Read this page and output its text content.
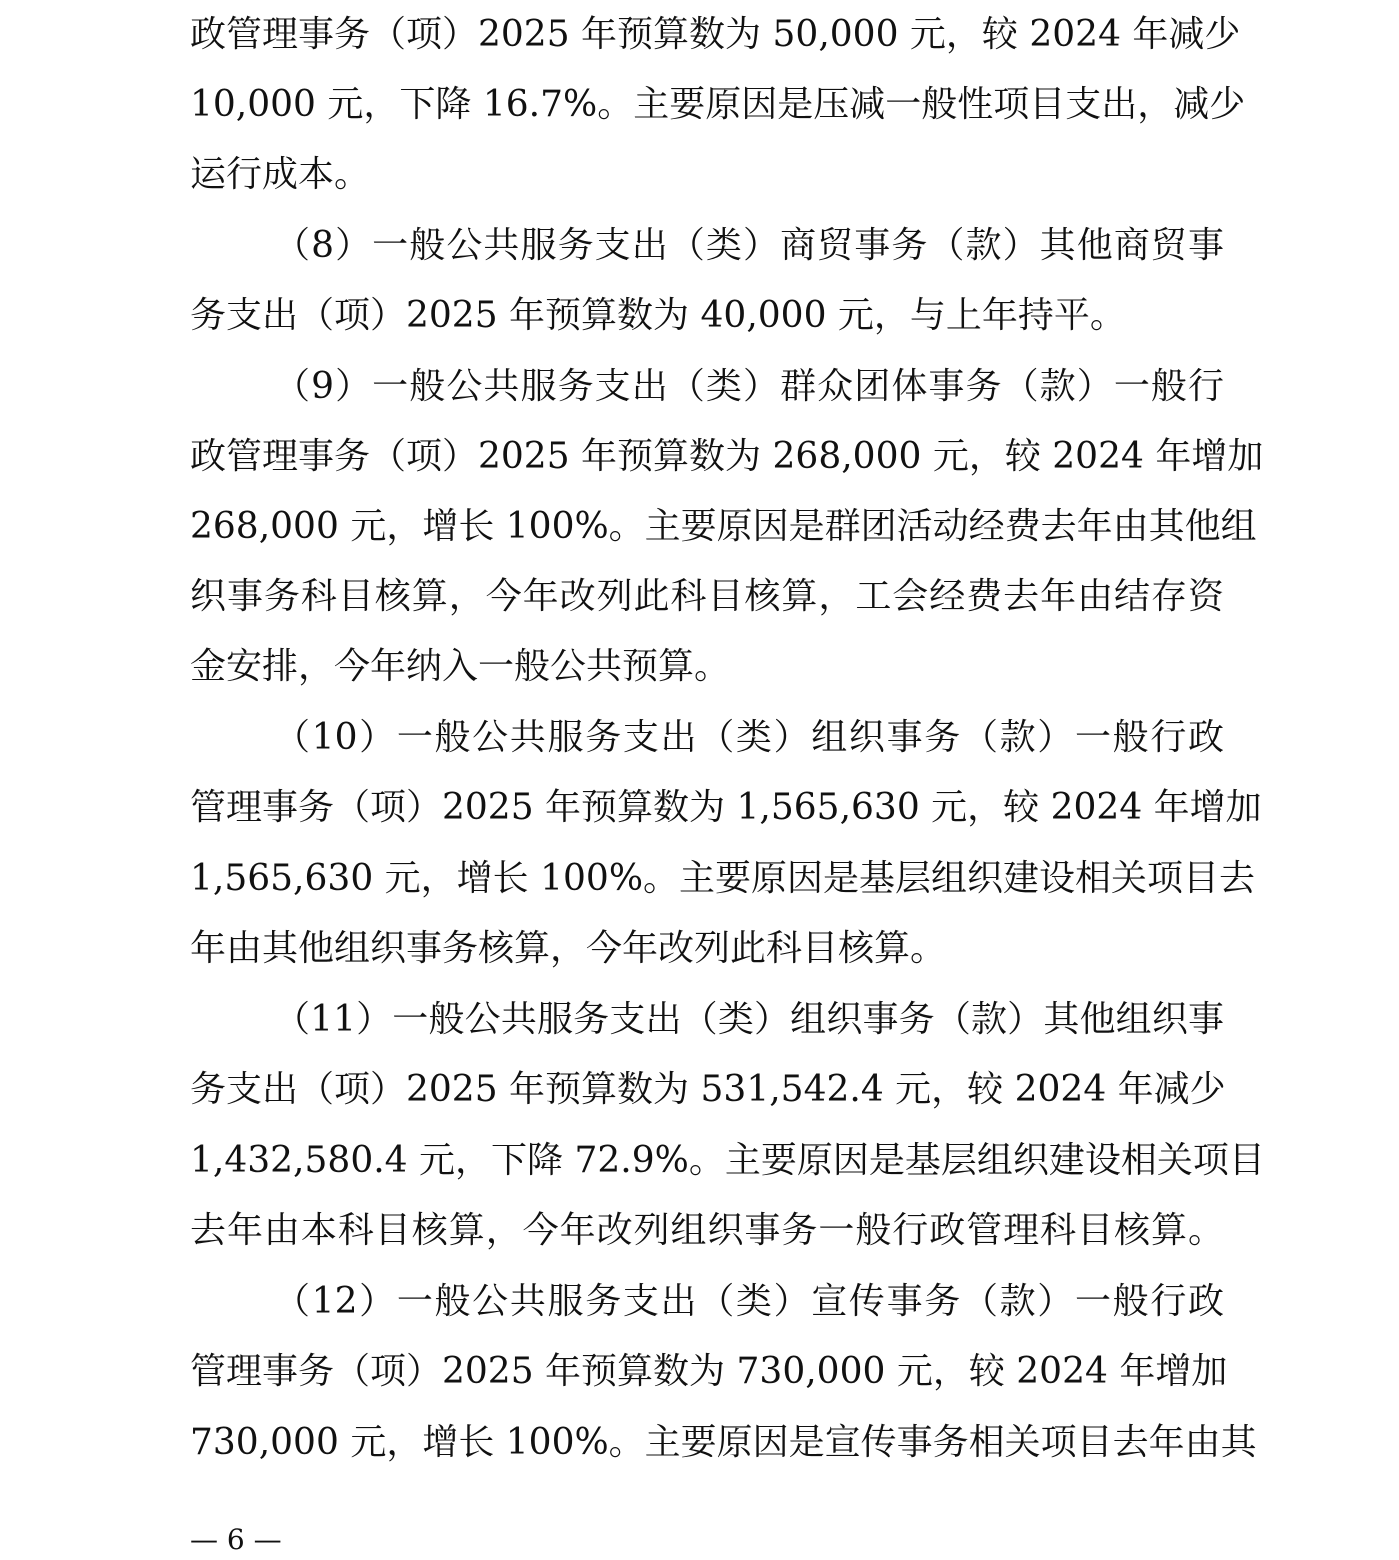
政管理事务（项）2025 年预算数为 50,000 元，较 2024 年减少
10,000 元，下降 16.7%。主要原因是压减一般性项目支出，减少
运行成本。
（8）一般公共服务支出（类）商贸事务（款）其他商贸事
务支出（项）2025 年预算数为 40,000 元，与上年持平。
（9）一般公共服务支出（类）群众团体事务（款）一般行
政管理事务（项）2025 年预算数为 268,000 元，较 2024 年增加
268,000 元，增长 100%。主要原因是群团活动经费去年由其他组
织事务科目核算，今年改列此科目核算，工会经费去年由结存资
金安排，今年纳入一般公共预算。
（10）一般公共服务支出（类）组织事务（款）一般行政
管理事务（项）2025 年预算数为 1,565,630 元，较 2024 年增加
1,565,630 元，增长 100%。主要原因是基层组织建设相关项目去
年由其他组织事务核算，今年改列此科目核算。
（11）一般公共服务支出（类）组织事务（款）其他组织事
务支出（项）2025 年预算数为 531,542.4 元，较 2024 年减少
1,432,580.4 元，下降 72.9%。主要原因是基层组织建设相关项目
去年由本科目核算，今年改列组织事务一般行政管理科目核算。
（12）一般公共服务支出（类）宣传事务（款）一般行政
管理事务（项）2025 年预算数为 730,000 元，较 2024 年增加
730,000 元，增长 100%。主要原因是宣传事务相关项目去年由其
— 6 —
